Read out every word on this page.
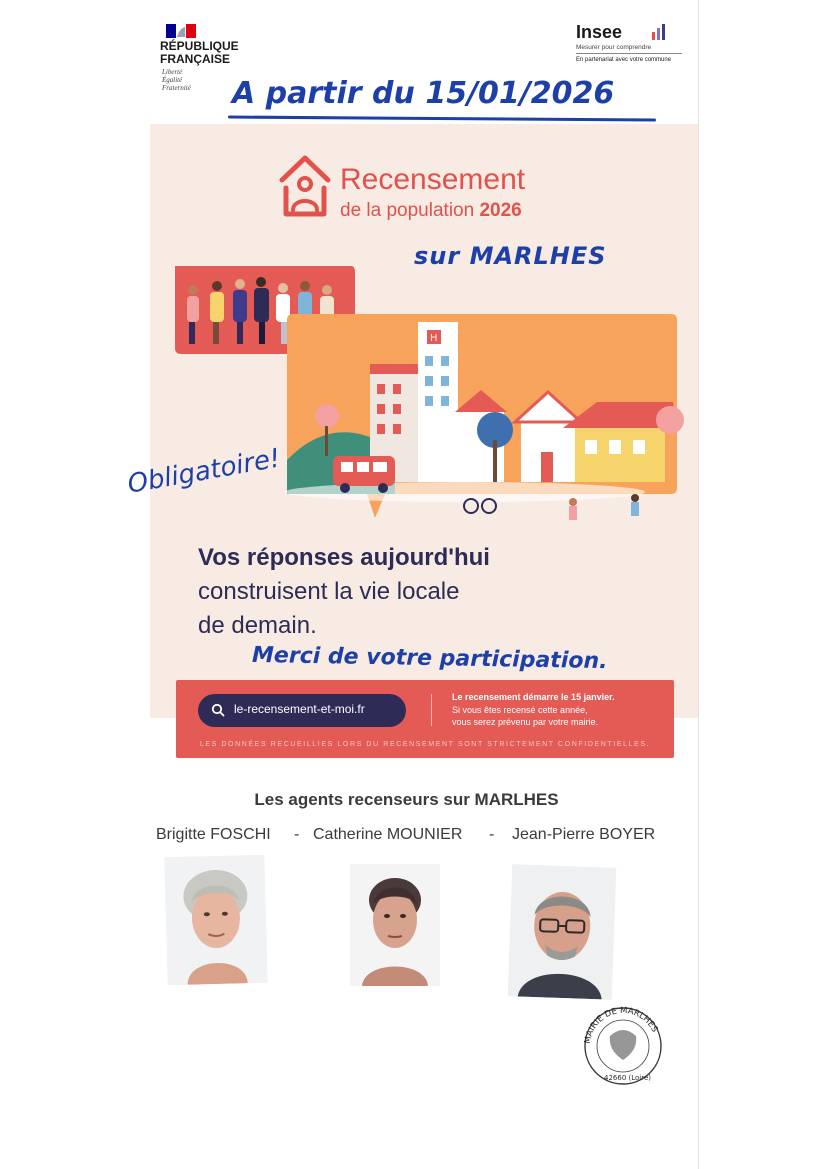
RÉPUBLIQUE
FRANÇAISE
Liberté
Égalité
Fraternité
Insee
Mesurer pour comprendre
En partenariat avec votre commune
A partir du 15/01/2026
Recensement
de la population 2026
H
Vos réponses aujourd'hui
construisent la vie locale
de demain.
sur MARLHES
Obligatoire!
Merci de votre participation.
le-recensement-et-moi.fr
Le recensement démarre le 15 janvier.
Si vous êtes recensé cette année,
vous serez prévenu par votre mairie.
LES DONNÉES RECUEILLIES LORS DU RECENSEMENT SONT STRICTEMENT CONFIDENTIELLES.
Les agents recenseurs sur MARLHES
Brigitte FOSCHI - Catherine MOUNIER - Jean-Pierre BOYER
MAIRIE DE MARLHES
42660 (Loire)
